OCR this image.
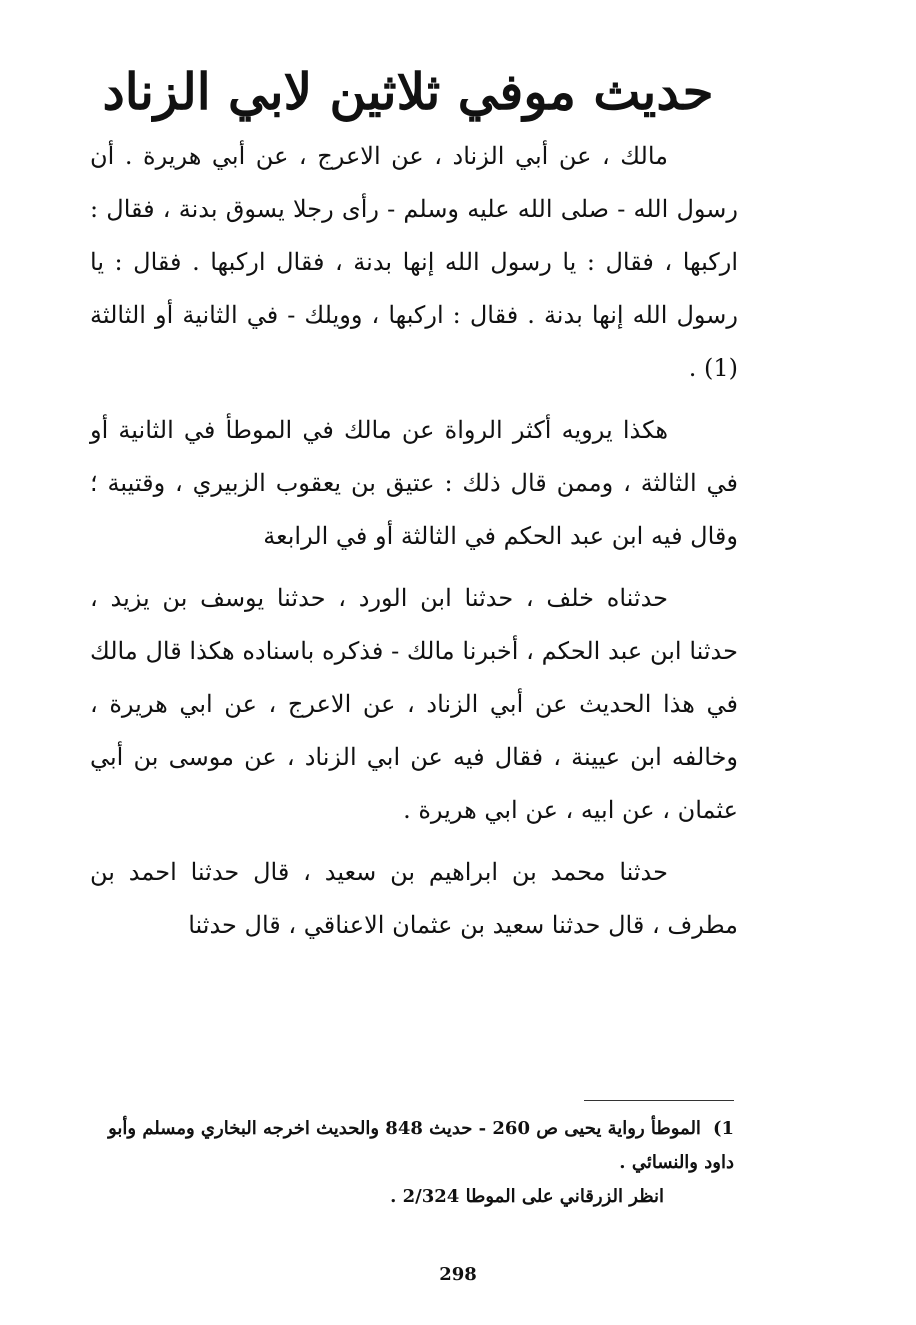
حديث موفي ثلاثين لابي الزناد

مالك ، عن أبي الزناد ، عن الاعرج ، عن أبي هريرة . أن رسول الله - صلى الله عليه وسلم - رأى رجلا يسوق بدنة ، فقال : اركبها ، فقال : يا رسول الله إنها بدنة ، فقال اركبها . فقال : يا رسول الله إنها بدنة . فقال : اركبها ، وويلك - في الثانية أو الثالثة (1) .

هكذا يرويه أكثر الرواة عن مالك في الموطأ في الثانية أو في الثالثة ، وممن قال ذلك : عتيق بن يعقوب الزبيري ، وقتيبة ؛ وقال فيه ابن عبد الحكم في الثالثة أو في الرابعة

حدثناه خلف ، حدثنا ابن الورد ، حدثنا يوسف بن يزيد ، حدثنا ابن عبد الحكم ، أخبرنا مالك - فذكره باسناده هكذا قال مالك في هذا الحديث عن أبي الزناد ، عن الاعرج ، عن ابي هريرة ، وخالفه ابن عيينة ، فقال فيه عن ابي الزناد ، عن موسى بن أبي عثمان ، عن ابيه ، عن ابي هريرة .

حدثنا محمد بن ابراهيم بن سعيد ، قال حدثنا احمد بن مطرف ، قال حدثنا سعيد بن عثمان الاعناقي ، قال حدثنا

1)الموطأ رواية يحيى ص 260 - حديث 848 والحديث اخرجه البخاري ومسلم وأبو داود والنسائي .

انظر الزرقاني على الموطا 2/324 .

298
